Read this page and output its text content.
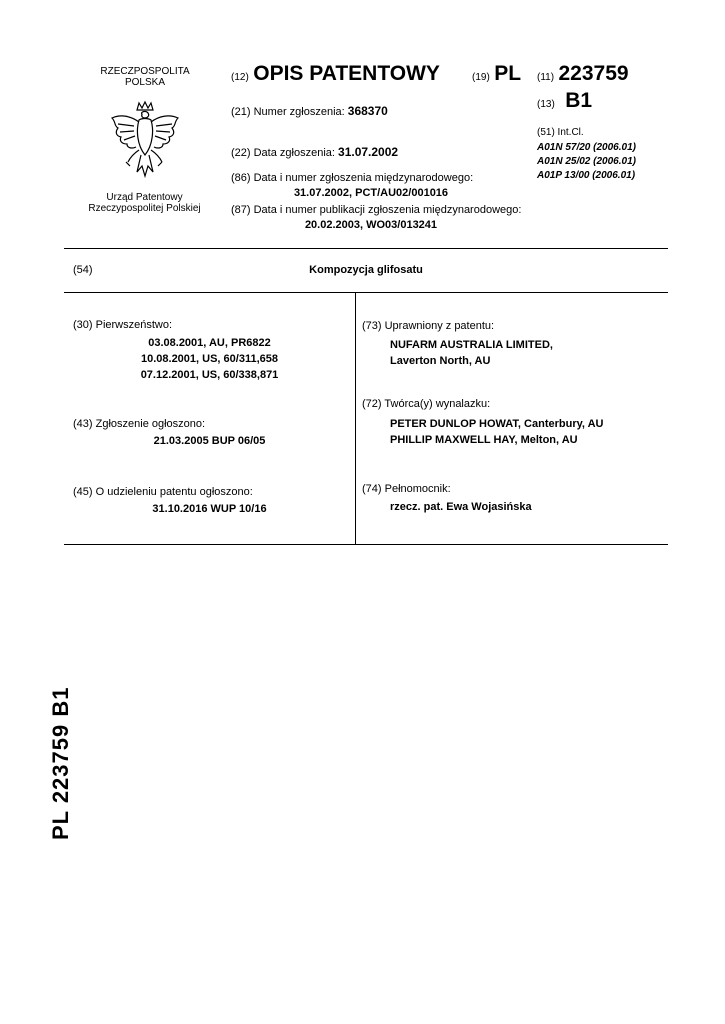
RZECZPOSPOLITA
POLSKA
Urząd Patentowy
Rzeczypospolitej Polskiej
(12) OPIS PATENTOWY	(19) PL
(21) Numer zgłoszenia: 368370
(22) Data zgłoszenia: 31.07.2002
(86) Data i numer zgłoszenia międzynarodowego:
31.07.2002, PCT/AU02/001016
(87) Data i numer publikacji zgłoszenia międzynarodowego:
20.02.2003, WO03/013241
(11) 223759
(13) B1
(51) Int.Cl.
A01N 57/20 (2006.01)
A01N 25/02 (2006.01)
A01P 13/00 (2006.01)
(54)	Kompozycja glifosatu
(30) Pierwszeństwo:
03.08.2001, AU, PR6822
10.08.2001, US, 60/311,658
07.12.2001, US, 60/338,871
(43) Zgłoszenie ogłoszono:
21.03.2005 BUP 06/05
(45) O udzieleniu patentu ogłoszono:
31.10.2016 WUP 10/16
(73) Uprawniony z patentu:
NUFARM AUSTRALIA LIMITED,
Laverton North, AU
(72) Twórca(y) wynalazku:
PETER DUNLOP HOWAT, Canterbury, AU
PHILLIP MAXWELL HAY, Melton, AU
(74) Pełnomocnik:
rzecz. pat. Ewa Wojasińska
PL 223759 B1
